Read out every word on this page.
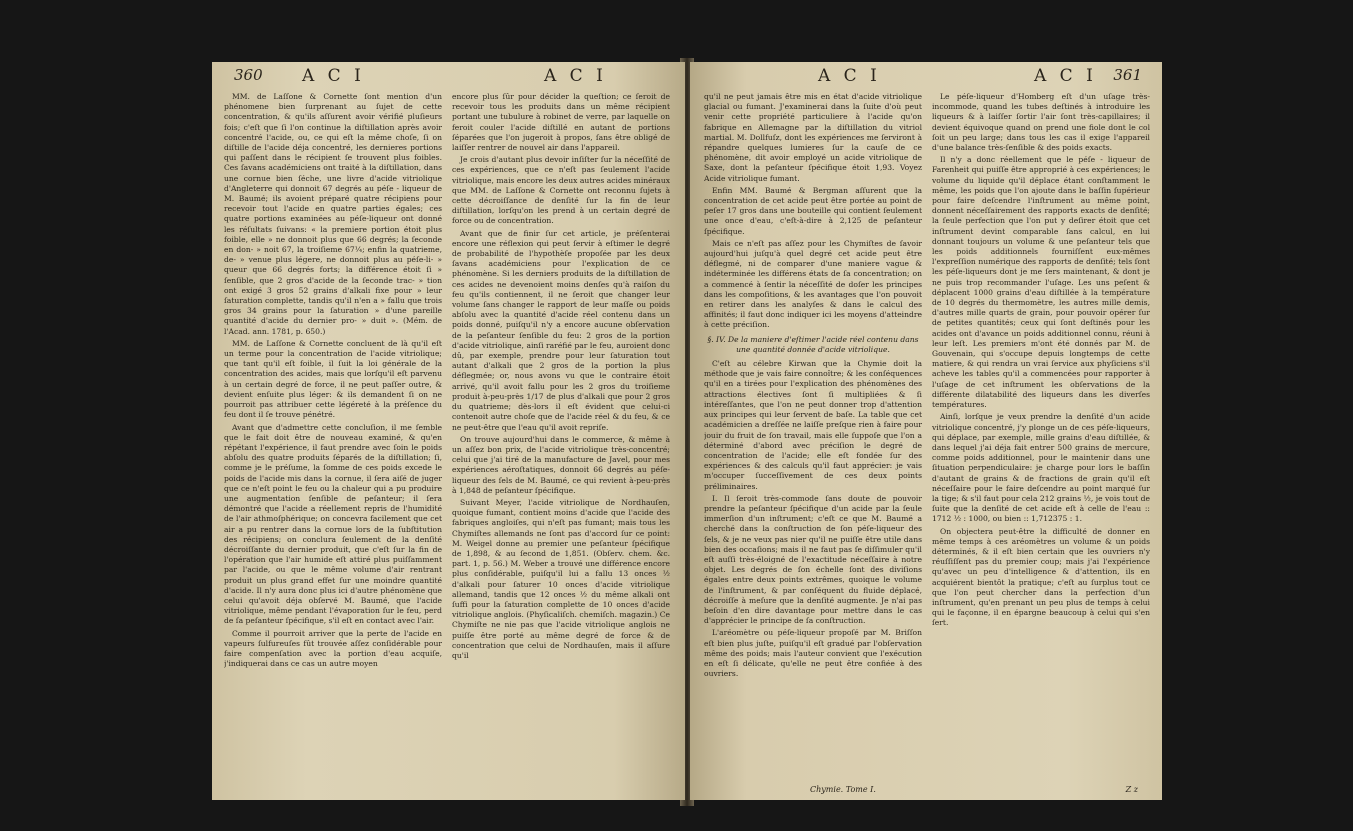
360 A C I	A C I

MM. de Laſſone & Cornette ſont mention d'un phénomene bien ſurprenant au ſujet de cette concentration, & qu'ils aſſurent avoir vérifié pluſieurs fois; c'eſt que ſi l'on continue la diſtillation après avoir concentré l'acide, ou, ce qui eſt la même choſe, ſi on diſtille de l'acide déja concentré, les dernieres portions qui paſſent dans le récipient ſe trouvent plus foibles. Ces ſavans académiciens ont traité à la diſtillation, dans une cornue bien ſéche, une livre d'acide vitriolique d'Angleterre qui donnoit 67 degrés au péſe - liqueur de M. Baumé; ils avoient préparé quatre récipiens pour recevoir tout l'acide en quatre parties égales; ces quatre portions examinées au péſe-liqueur ont donné les réſultats ſuivans: « la premiere portion étoit plus foible, elle » ne donnoit plus que 66 degrés; la ſeconde en don- » noit 67, la troiſieme 67¼; enfin la quatrieme, de- » venue plus légere, ne donnoit plus au péſe-li- » queur que 66 degrés forts; la différence étoit ſi » ſenſible, que 2 gros d'acide de la ſeconde trac- » tion ont exigé 3 gros 52 grains d'alkali fixe pour » leur ſaturation complette, tandis qu'il n'en a » fallu que trois gros 34 grains pour la ſaturation » d'une pareille quantité d'acide du dernier pro- » duit ». (Mém. de l'Acad. ann. 1781, p. 650.)

MM. de Laſſone & Cornette concluent de là qu'il eſt un terme pour la concentration de l'acide vitriolique; que tant qu'il eſt foible, il ſuit la loi générale de la concentration des acides, mais que lorſqu'il eſt parvenu à un certain degré de force, il ne peut paſſer outre, & devient enſuite plus léger: & ils demandent ſi on ne pourroit pas attribuer cette légéreté à la préſence du feu dont il ſe trouve pénétré.

Avant que d'admettre cette concluſion, il me ſemble que le fait doit être de nouveau examiné, & qu'en répétant l'expérience, il faut prendre avec ſoin le poids abſolu des quatre produits ſéparés de la diſtillation; ſi, comme je le préſume, la ſomme de ces poids excede le poids de l'acide mis dans la cornue, il ſera aiſé de juger que ce n'eſt point le feu ou la chaleur qui a pu produire une augmentation ſenſible de peſanteur; il ſera démontré que l'acide a réellement repris de l'humidité de l'air athmoſphérique; on concevra facilement que cet air a pu rentrer dans la cornue lors de la ſubſtitution des récipiens; on conclura ſeulement de la denſité décroiſſante du dernier produit, que c'eſt ſur la fin de l'opération que l'air humide eſt attiré plus puiſſamment par l'acide, ou que le même volume d'air rentrant produit un plus grand effet ſur une moindre quantité d'acide. Il n'y aura donc plus ici d'autre phénomène que celui qu'avoit déja obſervé M. Baumé, que l'acide vitriolique, même pendant l'évaporation ſur le feu, perd de ſa peſanteur ſpécifique, s'il eſt en contact avec l'air.

Comme il pourroit arriver que la perte de l'acide en vapeurs ſulfureuſes fût trouvée aſſez conſidérable pour faire compenſation avec la portion d'eau acquiſe, j'indiquerai dans ce cas un autre moyen

encore plus ſûr pour décider la queſtion; ce ſeroit de recevoir tous les produits dans un même récipient portant une tubulure à robinet de verre, par laquelle on feroit couler l'acide diſtillé en autant de portions ſéparées que l'on jugeroit à propos, ſans être obligé de laiſſer rentrer de nouvel air dans l'appareil.

Je crois d'autant plus devoir inſiſter ſur la néceſſité de ces expériences, que ce n'eſt pas ſeulement l'acide vitriolique, mais encore les deux autres acides minéraux que MM. de Laſſone & Cornette ont reconnu ſujets à cette décroiſſance de denſité ſur la fin de leur diſtillation, lorſqu'on les prend à un certain degré de force ou de concentration.

Avant que de finir ſur cet article, je préſenterai encore une réflexion qui peut ſervir à eſtimer le degré de probabilité de l'hypothèſe propoſée par les deux ſavans académiciens pour l'explication de ce phénomène. Si les derniers produits de la diſtillation de ces acides ne devenoient moins denſes qu'à raiſon du feu qu'ils contiennent, il ne ſeroit que changer leur volume ſans changer le rapport de leur maſſe ou poids abſolu avec la quantité d'acide réel contenu dans un poids donné, puiſqu'il n'y a encore aucune obſervation de la peſanteur ſenſible du feu: 2 gros de la portion d'acide vitriolique, ainſi raréfié par le feu, auroient donc dû, par exemple, prendre pour leur ſaturation tout autant d'alkali que 2 gros de la portion la plus déflegmée; or, nous avons vu que le contraire étoit arrivé, qu'il avoit fallu pour les 2 gros du troiſieme produit à-peu-près 1/17 de plus d'alkali que pour 2 gros du quatrieme; dès-lors il eſt évident que celui-ci contenoit autre choſe que de l'acide réel & du feu, & ce ne peut-être que l'eau qu'il avoit repriſe.

On trouve aujourd'hui dans le commerce, & même à un aſſez bon prix, de l'acide vitriolique très-concentré; celui que j'ai tiré de la manufacture de Javel, pour mes expériences aéroſtatiques, donnoit 66 degrés au péſe-liqueur des ſels de M. Baumé, ce qui revient à-peu-près à 1,848 de peſanteur ſpécifique.

Suivant Meyer, l'acide vitriolique de Nordhauſen, quoique fumant, contient moins d'acide que l'acide des fabriques angloiſes, qui n'eſt pas fumant; mais tous les Chymiſtes allemands ne ſont pas d'accord ſur ce point: M. Weigel donne au premier une peſanteur ſpécifique de 1,898, & au ſecond de 1,851. (Obſerv. chem. &c. part. 1, p. 56.) M. Weber a trouvé une différence encore plus conſidérable, puiſqu'il lui a fallu 13 onces ½ d'alkali pour ſaturer 10 onces d'acide vitriolique allemand, tandis que 12 onces ½ du même alkali ont ſuffi pour la ſaturation complette de 10 onces d'acide vitriolique anglois. (Phyſicaliſch. chemiſch. magazin.) Ce Chymiſte ne nie pas que l'acide vitriolique anglois ne puiſſe être porté au même degré de force & de concentration que celui de Nordhauſen, mais il aſſure qu'il

A C I	A C I 361

qu'il ne peut jamais être mis en état d'acide vitriolique glacial ou fumant. J'examinerai dans la ſuite d'où peut venir cette propriété particuliere à l'acide qu'on fabrique en Allemagne par la diſtillation du vitriol martial. M. Dollfuſz, dont les expériences me ſerviront à répandre quelques lumieres ſur la cauſe de ce phénomène, dit avoir employé un acide vitriolique de Saxe, dont la peſanteur ſpécifique étoit 1,93. Voyez Acide vitriolique fumant.

Enfin MM. Baumé & Bergman aſſurent que la concentration de cet acide peut être portée au point de peſer 17 gros dans une bouteille qui contient ſeulement une once d'eau, c'eſt-à-dire à 2,125 de peſanteur ſpécifique.

Mais ce n'eſt pas aſſez pour les Chymiſtes de ſavoir aujourd'hui juſqu'à quel degré cet acide peut être déflegmé, ni de comparer d'une maniere vague & indéterminée les différens états de ſa concentration; on a commencé à ſentir la néceſſité de doſer les principes dans les compoſitions, & les avantages que l'on pouvoit en retirer dans les analyſes & dans le calcul des affinités; il faut donc indiquer ici les moyens d'atteindre à cette préciſion.

§. IV. De la maniere d'eſtimer l'acide réel contenu dans une quantité donnée d'acide vitriolique.

C'eſt au célebre Kirwan que la Chymie doit la méthode que je vais faire connoître; & les conſéquences qu'il en a tirées pour l'explication des phénomènes des attractions électives ſont ſi multipliées & ſi intéreſſantes, que l'on ne peut donner trop d'attention aux principes qui leur ſervent de baſe. La table que cet académicien a dreſſée ne laiſſe preſque rien à faire pour jouir du fruit de ſon travail, mais elle ſuppoſe que l'on a déterminé d'abord avec préciſion le degré de concentration de l'acide; elle eſt fondée ſur des expériences & des calculs qu'il faut apprécier: je vais m'occuper ſucceſſivement de ces deux points préliminaires.

I. Il ſeroit très-commode ſans doute de pouvoir prendre la peſanteur ſpécifique d'un acide par la ſeule immerſion d'un inſtrument; c'eſt ce que M. Baumé a cherché dans la conſtruction de ſon péſe-liqueur des ſels, & je ne veux pas nier qu'il ne puiſſe être utile dans bien des occaſions; mais il ne faut pas ſe diſſimuler qu'il eſt auſſi très-éloigné de l'exactitude néceſſaire à notre objet. Les degrés de ſon échelle ſont des diviſions égales entre deux points extrêmes, quoique le volume de l'inſtrument, & par conſéquent du fluide déplacé, décroiſſe à meſure que la denſité augmente. Je n'ai pas beſoin d'en dire davantage pour mettre dans le cas d'apprécier le principe de ſa conſtruction.

L'aréomètre ou péſe-liqueur propoſé par M. Briſſon eſt bien plus juſte, puiſqu'il eſt gradué par l'obſervation même des poids; mais l'auteur convient que l'exécution en eſt ſi délicate, qu'elle ne peut être confiée à des ouvriers.

Le péſe-liqueur d'Homberg eſt d'un uſage très-incommode, quand les tubes deſtinés à introduire les liqueurs & à laiſſer ſortir l'air ſont très-capillaires; il devient équivoque quand on prend une fiole dont le col ſoit un peu large; dans tous les cas il exige l'appareil d'une balance très-ſenſible & des poids exacts.

Il n'y a donc réellement que le péſe - liqueur de Farenheit qui puiſſe être approprié à ces expériences; le volume du liquide qu'il déplace étant conſtamment le même, les poids que l'on ajoute dans le baſſin ſupérieur pour faire deſcendre l'inſtrument au même point, donnent néceſſairement des rapports exacts de denſité; la ſeule perfection que l'on put y deſirer étoit que cet inſtrument devint comparable ſans calcul, en lui donnant toujours un volume & une peſanteur tels que les poids additionnels fourniſſent eux-mêmes l'expreſſion numérique des rapports de denſité; tels ſont les péſe-liqueurs dont je me ſers maintenant, & dont je ne puis trop recommander l'uſage. Les uns peſent & déplacent 1000 grains d'eau diſtillée à la température de 10 degrés du thermomètre, les autres mille demis, d'autres mille quarts de grain, pour pouvoir opérer ſur de petites quantités; ceux qui ſont deſtinés pour les acides ont d'avance un poids additionnel connu, réuni à leur leſt. Les premiers m'ont été donnés par M. de Gouvenain, qui s'occupe depuis longtemps de cette matiere, & qui rendra un vrai ſervice aux phyſiciens s'il acheve les tables qu'il a commencées pour rapporter à l'uſage de cet inſtrument les obſervations de la différente dilatabilité des liqueurs dans les diverſes températures.

Ainſi, lorſque je veux prendre la denſité d'un acide vitriolique concentré, j'y plonge un de ces péſe-liqueurs, qui déplace, par exemple, mille grains d'eau diſtillée, & dans lequel j'ai déja fait entrer 500 grains de mercure, comme poids additionnel, pour le maintenir dans une ſituation perpendiculaire: je charge pour lors le baſſin d'autant de grains & de fractions de grain qu'il eſt néceſſaire pour le faire deſcendre au point marqué ſur la tige; & s'il faut pour cela 212 grains ½, je vois tout de ſuite que la denſité de cet acide eſt à celle de l'eau :: 1712 ½ : 1000, ou bien :: 1,712375 : 1.

On objectera peut-être la difficulté de donner en même temps à ces aréomètres un volume & un poids déterminés, & il eſt bien certain que les ouvriers n'y réuſſiſſent pas du premier coup; mais j'ai l'expérience qu'avec un peu d'intelligence & d'attention, ils en acquiérent bientôt la pratique; c'eſt au ſurplus tout ce que l'on peut chercher dans la perfection d'un inſtrument, qu'en prenant un peu plus de temps à celui qui le façonne, il en épargne beaucoup à celui qui s'en ſert.

Chymie. Tome I.	Z z
